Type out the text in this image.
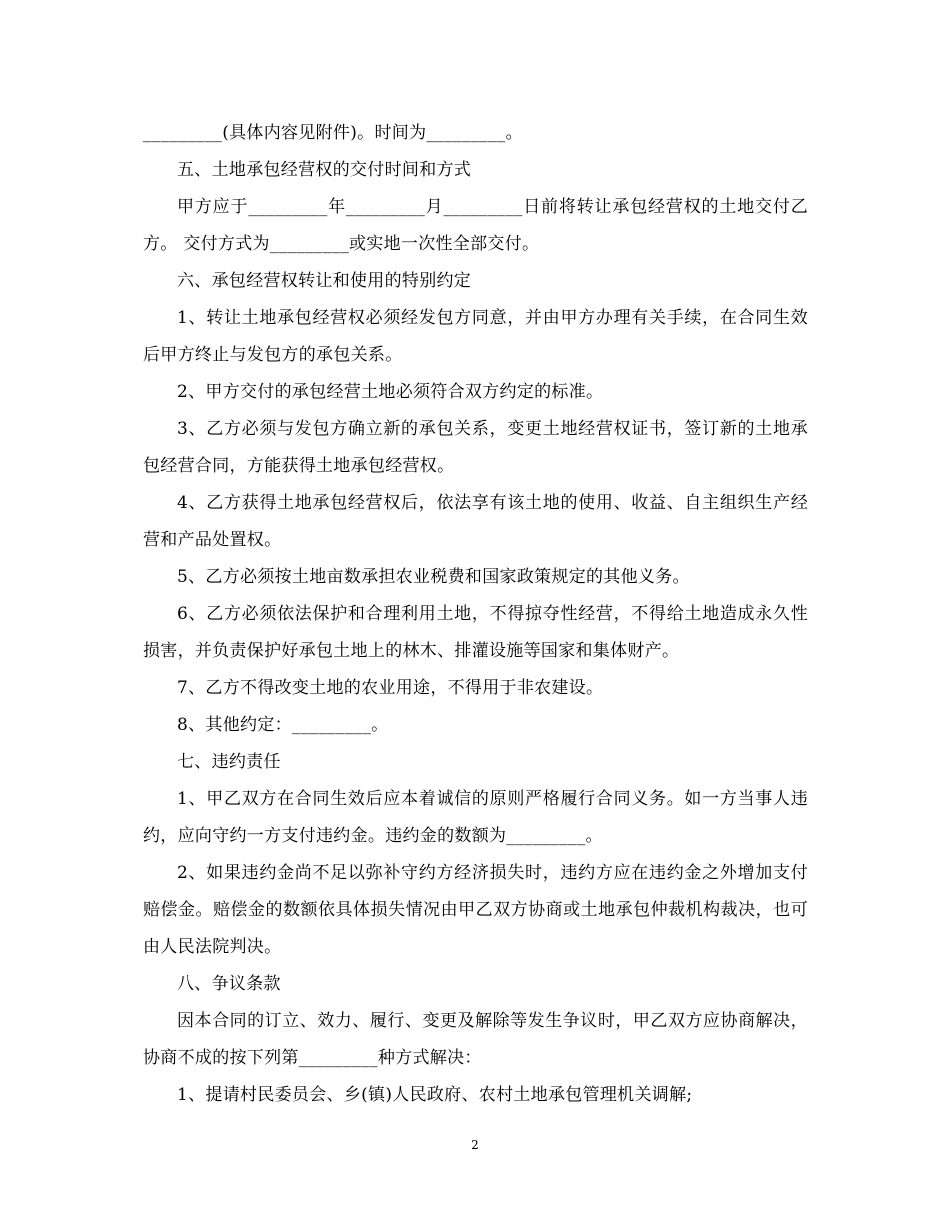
_________(具体内容见附件)。时间为_________。

五、土地承包经营权的交付时间和方式

甲方应于_________年_________月_________日前将转让承包经营权的土地交付乙方。 交付方式为_________或实地一次性全部交付。

六、承包经营权转让和使用的特别约定

1、转让土地承包经营权必须经发包方同意，并由甲方办理有关手续，在合同生效后甲方终止与发包方的承包关系。

2、甲方交付的承包经营土地必须符合双方约定的标准。

3、乙方必须与发包方确立新的承包关系，变更土地经营权证书，签订新的土地承包经营合同，方能获得土地承包经营权。

4、乙方获得土地承包经营权后，依法享有该土地的使用、收益、自主组织生产经营和产品处置权。

5、乙方必须按土地亩数承担农业税费和国家政策规定的其他义务。

6、乙方必须依法保护和合理利用土地，不得掠夺性经营，不得给土地造成永久性损害，并负责保护好承包土地上的林木、排灌设施等国家和集体财产。

7、乙方不得改变土地的农业用途，不得用于非农建设。

8、其他约定：_________。

七、违约责任

1、甲乙双方在合同生效后应本着诚信的原则严格履行合同义务。如一方当事人违约，应向守约一方支付违约金。违约金的数额为_________。

2、如果违约金尚不足以弥补守约方经济损失时，违约方应在违约金之外增加支付赔偿金。赔偿金的数额依具体损失情况由甲乙双方协商或土地承包仲裁机构裁决，也可由人民法院判决。

八、争议条款

因本合同的订立、效力、履行、变更及解除等发生争议时，甲乙双方应协商解决，协商不成的按下列第_________种方式解决：

1、提请村民委员会、乡(镇)人民政府、农村土地承包管理机关调解;

2
